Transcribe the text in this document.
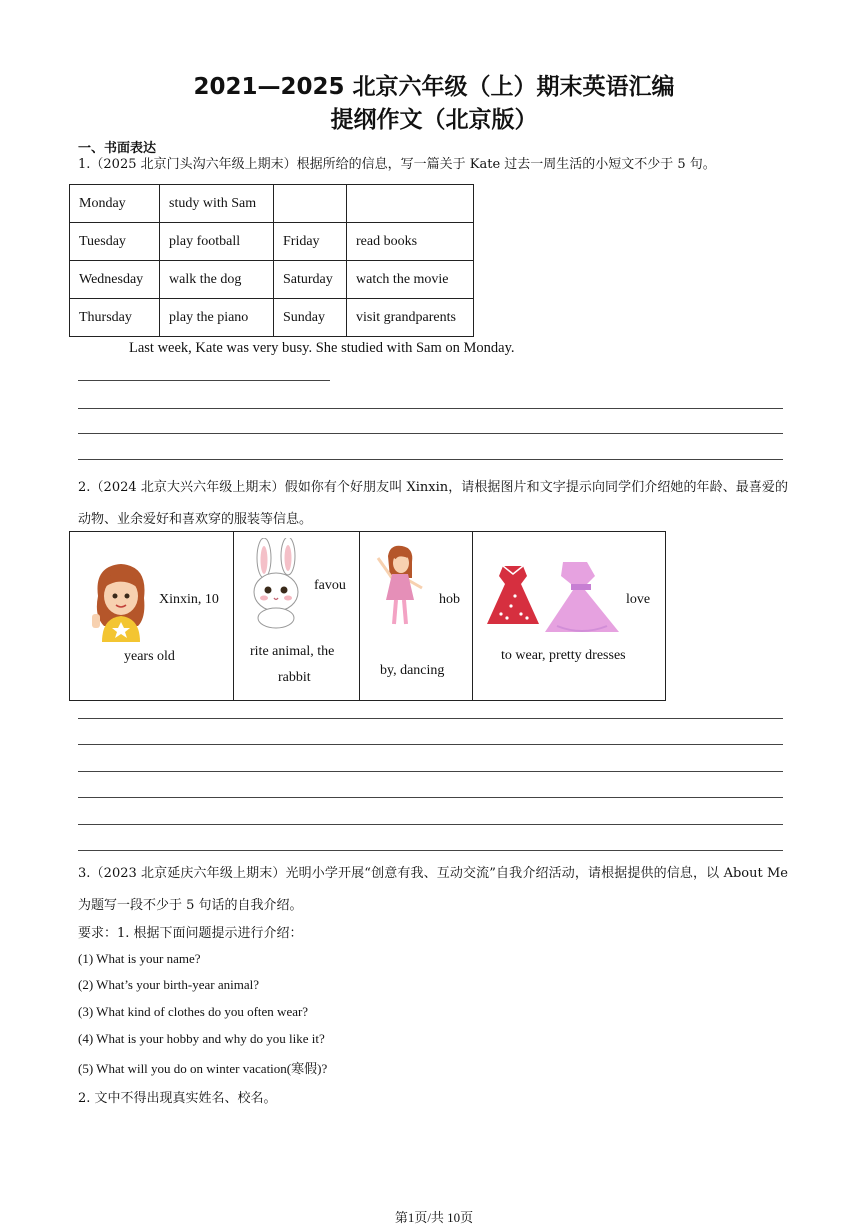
2021—2025 北京六年级（上）期末英语汇编
提纲作文（北京版）
一、书面表达
1.（2025 北京门头沟六年级上期末）根据所给的信息，写一篇关于 Kate 过去一周生活的小短文不少于 5 句。
Monday	study with Sam		
Tuesday	play football	Friday	read books
Wednesday	walk the dog	Saturday	watch the movie
Thursday	play the piano	Sunday	visit grandparents
Last week, Kate was very busy. She studied with Sam on Monday.
2.（2024 北京大兴六年级上期末）假如你有个好朋友叫 Xinxin，请根据图片和文字提示向同学们介绍她的年龄、最喜爱的动物、业余爱好和喜欢穿的服装等信息。
Xinxin, 10
years old
favou
rite animal, the
rabbit
hob
by, dancing
love
to wear, pretty dresses
3.（2023 北京延庆六年级上期末）光明小学开展“创意有我、互动交流”自我介绍活动，请根据提供的信息，以 About Me 为题写一段不少于 5 句话的自我介绍。
要求：1. 根据下面问题提示进行介绍：
(1) What is your name?
(2) What’s your birth-year animal?
(3) What kind of clothes do you often wear?
(4) What is your hobby and why do you like it?
(5) What will you do on winter vacation(寒假)?
2. 文中不得出现真实姓名、校名。
第1页/共 10页
